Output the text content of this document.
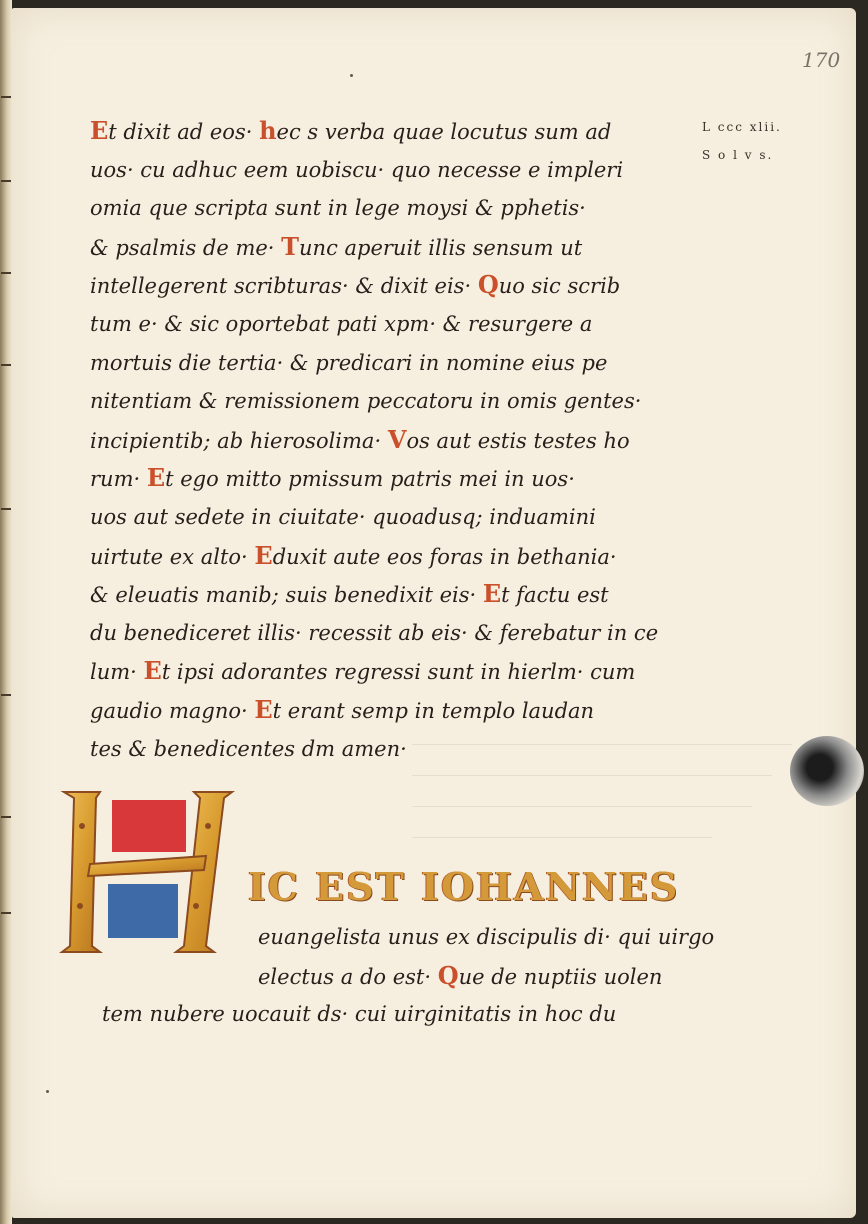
170
L ccc xlii.
S o l v s.
Et dixit ad eos· hec s verba quae locutus sum ad
uos· cu adhuc eem uobiscu· quo necesse e impleri
omia que scripta sunt in lege moysi & pphetis·
& psalmis de me· Tunc aperuit illis sensum ut
intellegerent scribturas· & dixit eis· Quo sic scrib
tum e· & sic oportebat pati xpm· & resurgere a
mortuis die tertia· & predicari in nomine eius pe
nitentiam & remissionem peccatoru in omis gentes·
incipientib; ab hierosolima· Vos aut estis testes ho
rum· Et ego mitto pmissum patris mei in uos·
uos aut sedete in ciuitate· quoadusq; induamini
uirtute ex alto· Eduxit aute eos foras in bethania·
& eleuatis manib; suis benedixit eis· Et factu est
du benediceret illis· recessit ab eis· & ferebatur in ce
lum· Et ipsi adorantes regressi sunt in hierlm· cum
gaudio magno· Et erant semp in templo laudan
tes & benedicentes dm amen·
IC EST IOHANNES
euangelista unus ex discipulis di· qui uirgo
electus a do est· Que de nuptiis uolen
tem nubere uocauit ds· cui uirginitatis in hoc du
